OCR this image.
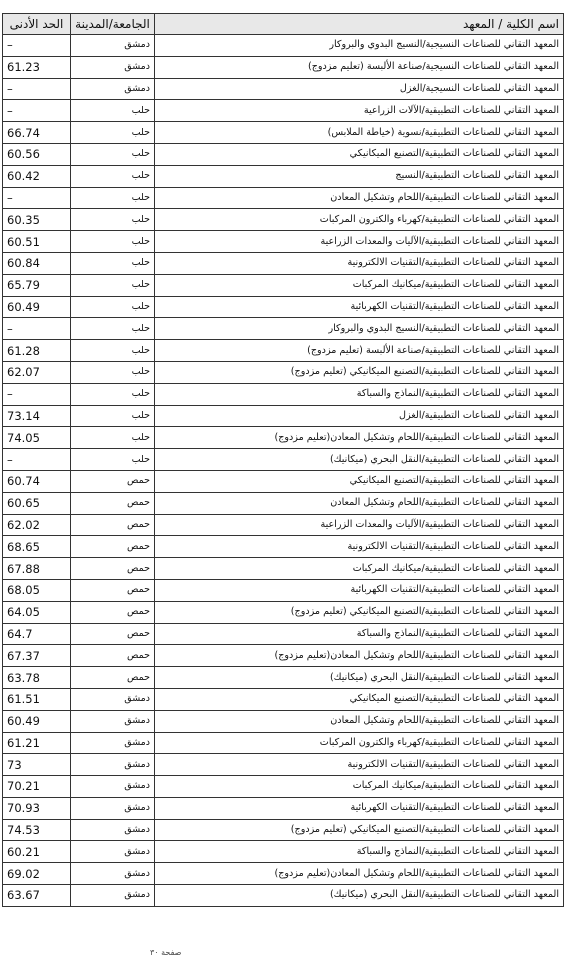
اسم الكلية / المعهد	الجامعة/المدينة	الحد الأدنى
المعهد التقاني للصناعات النسيجية/النسيج البدوي والبروكار	دمشق	–
المعهد التقاني للصناعات النسيجية/صناعة الألبسة (تعليم مزدوج)	دمشق	61.23
المعهد التقاني للصناعات النسيجية/الغزل	دمشق	–
المعهد التقاني للصناعات التطبيقية/الآلات الزراعية	حلب	–
المعهد التقاني للصناعات التطبيقية/نسوية (خياطة الملابس)	حلب	66.74
المعهد التقاني للصناعات التطبيقية/التصنيع الميكانيكي	حلب	60.56
المعهد التقاني للصناعات التطبيقية/النسيج	حلب	60.42
المعهد التقاني للصناعات التطبيقية/اللحام وتشكيل المعادن	حلب	–
المعهد التقاني للصناعات التطبيقية/كهرباء والكترون المركبات	حلب	60.35
المعهد التقاني للصناعات التطبيقية/الآليات والمعدات الزراعية	حلب	60.51
المعهد التقاني للصناعات التطبيقية/التقنيات الالكترونية	حلب	60.84
المعهد التقاني للصناعات التطبيقية/ميكانيك المركبات	حلب	65.79
المعهد التقاني للصناعات التطبيقية/التقنيات الكهربائية	حلب	60.49
المعهد التقاني للصناعات التطبيقية/النسيج البدوي والبروكار	حلب	–
المعهد التقاني للصناعات التطبيقية/صناعة الألبسة (تعليم مزدوج)	حلب	61.28
المعهد التقاني للصناعات التطبيقية/التصنيع الميكانيكي (تعليم مزدوج)	حلب	62.07
المعهد التقاني للصناعات التطبيقية/النماذج والسباكة	حلب	–
المعهد التقاني للصناعات التطبيقية/الغزل	حلب	73.14
المعهد التقاني للصناعات التطبيقية/اللحام وتشكيل المعادن(تعليم مزدوج)	حلب	74.05
المعهد التقاني للصناعات التطبيقية/النقل البحري (ميكانيك)	حلب	–
المعهد التقاني للصناعات التطبيقية/التصنيع الميكانيكي	حمص	60.74
المعهد التقاني للصناعات التطبيقية/اللحام وتشكيل المعادن	حمص	60.65
المعهد التقاني للصناعات التطبيقية/الآليات والمعدات الزراعية	حمص	62.02
المعهد التقاني للصناعات التطبيقية/التقنيات الالكترونية	حمص	68.65
المعهد التقاني للصناعات التطبيقية/ميكانيك المركبات	حمص	67.88
المعهد التقاني للصناعات التطبيقية/التقنيات الكهربائية	حمص	68.05
المعهد التقاني للصناعات التطبيقية/التصنيع الميكانيكي (تعليم مزدوج)	حمص	64.05
المعهد التقاني للصناعات التطبيقية/النماذج والسباكة	حمص	64.7
المعهد التقاني للصناعات التطبيقية/اللحام وتشكيل المعادن(تعليم مزدوج)	حمص	67.37
المعهد التقاني للصناعات التطبيقية/النقل البحري (ميكانيك)	حمص	63.78
المعهد التقاني للصناعات التطبيقية/التصنيع الميكانيكي	دمشق	61.51
المعهد التقاني للصناعات التطبيقية/اللحام وتشكيل المعادن	دمشق	60.49
المعهد التقاني للصناعات التطبيقية/كهرباء والكترون المركبات	دمشق	61.21
المعهد التقاني للصناعات التطبيقية/التقنيات الالكترونية	دمشق	73
المعهد التقاني للصناعات التطبيقية/ميكانيك المركبات	دمشق	70.21
المعهد التقاني للصناعات التطبيقية/التقنيات الكهربائية	دمشق	70.93
المعهد التقاني للصناعات التطبيقية/التصنيع الميكانيكي (تعليم مزدوج)	دمشق	74.53
المعهد التقاني للصناعات التطبيقية/النماذج والسباكة	دمشق	60.21
المعهد التقاني للصناعات التطبيقية/اللحام وتشكيل المعادن(تعليم مزدوج)	دمشق	69.02
المعهد التقاني للصناعات التطبيقية/النقل البحري (ميكانيك)	دمشق	63.67
صفحة ٣٠
